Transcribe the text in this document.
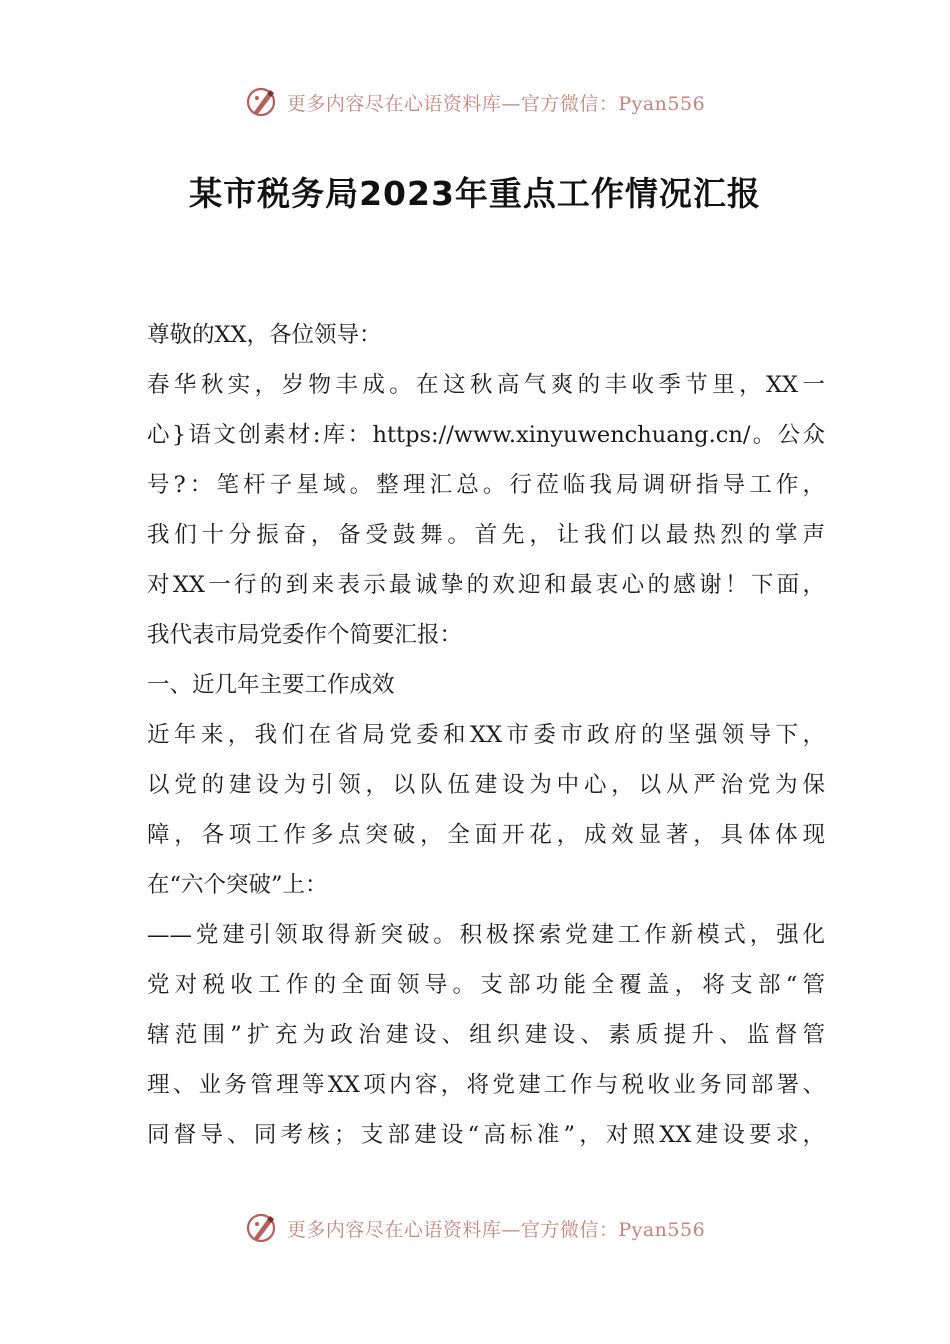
更多内容尽在心语资料库—官方微信：Pyan556
某市税务局2023年重点工作情况汇报
尊敬的XX，各位领导：
春华秋实，岁物丰成。在这秋高气爽的丰收季节里，XX一
心}语文创素材:库：https://www.xinyuwenchuang.cn/。公众
号?：笔杆子星域。整理汇总。行莅临我局调研指导工作，
我们十分振奋，备受鼓舞。首先，让我们以最热烈的掌声
对XX一行的到来表示最诚挚的欢迎和最衷心的感谢！下面，
我代表市局党委作个简要汇报：
一、近几年主要工作成效
近年来，我们在省局党委和XX市委市政府的坚强领导下，
以党的建设为引领，以队伍建设为中心，以从严治党为保
障，各项工作多点突破，全面开花，成效显著，具体体现
在“六个突破”上：
——党建引领取得新突破。积极探索党建工作新模式，强化
党对税收工作的全面领导。支部功能全覆盖，将支部“管
辖范围”扩充为政治建设、组织建设、素质提升、监督管
理、业务管理等XX项内容，将党建工作与税收业务同部署、
同督导、同考核；支部建设“高标准”，对照XX建设要求，
更多内容尽在心语资料库—官方微信：Pyan556
